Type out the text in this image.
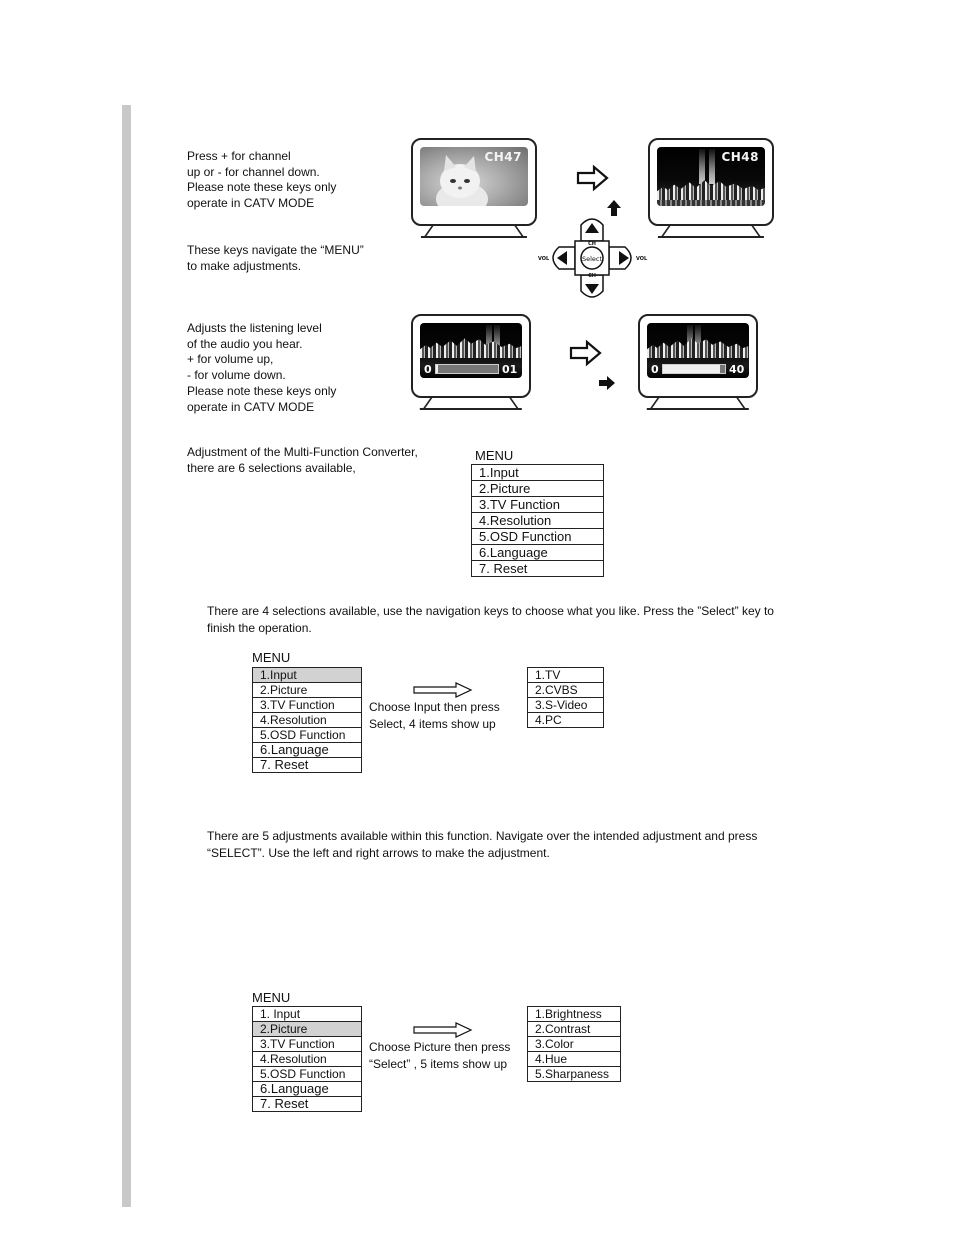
Press + for channel
up or - for channel down.
Please note these keys only
operate in CATV MODE
CH47	CH48
These keys navigate the “MENU”
to make adjustments.	Select
CH
CH
VOL	VOL
Adjusts the listening level
of the audio you hear.
+ for volume up,
- for volume down.
Please note these keys only
operate in CATV MODE
0	01	0	40
Adjustment of the Multi-Function Converter,
there are 6 selections available,
MENU
1.Input
2.Picture
3.TV Function
4.Resolution
5.OSD Function
6.Language
7. Reset
There are 4 selections available, use the navigation keys to choose what you like. Press the ”Select” key to
finish the operation.
MENU
1.Input
2.Picture
3.TV Function
4.Resolution
5.OSD Function
6.Language
7. Reset
Choose Input then press
Select, 4 items show up
1.TV
2.CVBS
3.S-Video
4.PC
There are 5 adjustments available within this function. Navigate over the intended adjustment and press
“SELECT”. Use the left and right arrows to make the adjustment.
MENU
1. Input
2.Picture
3.TV Function
4.Resolution
5.OSD Function
6.Language
7. Reset
Choose Picture then press
“Select” , 5 items show up
1.Brightness
2.Contrast
3.Color
4.Hue
5.Sharpaness
